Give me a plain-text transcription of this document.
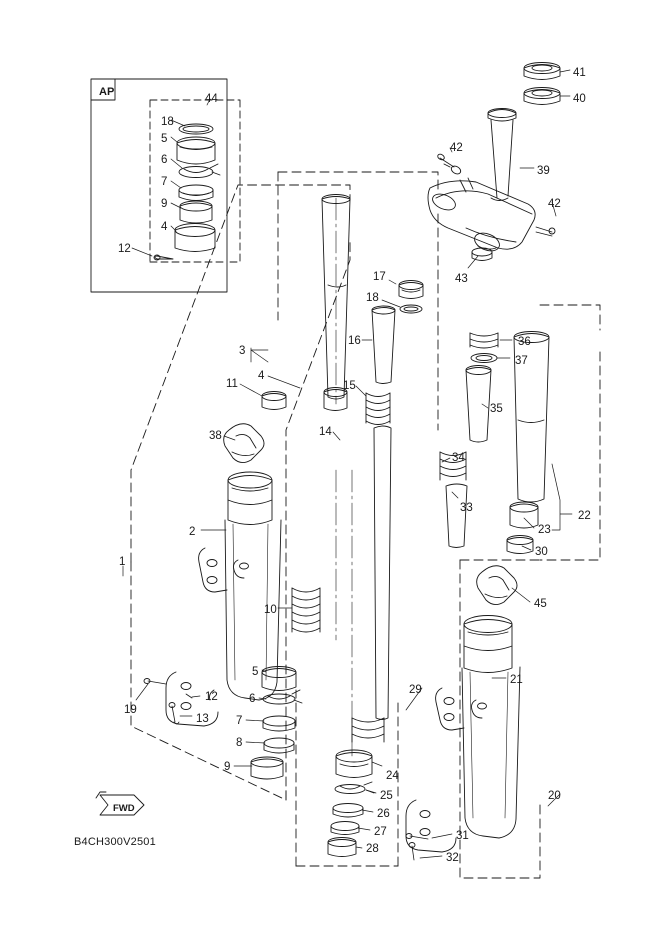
AP
FWD
B4CH300V2501
41
40
42
39
42
44
18
5
6
7
9
4
12
17	43
18
36
37
3
16
4
11	15
35
14
38
34
33
22
2	23
30
1
45
10
21
5
29
12	6
19
13 7
8
24
9
25
26
20
27
28
31
32
